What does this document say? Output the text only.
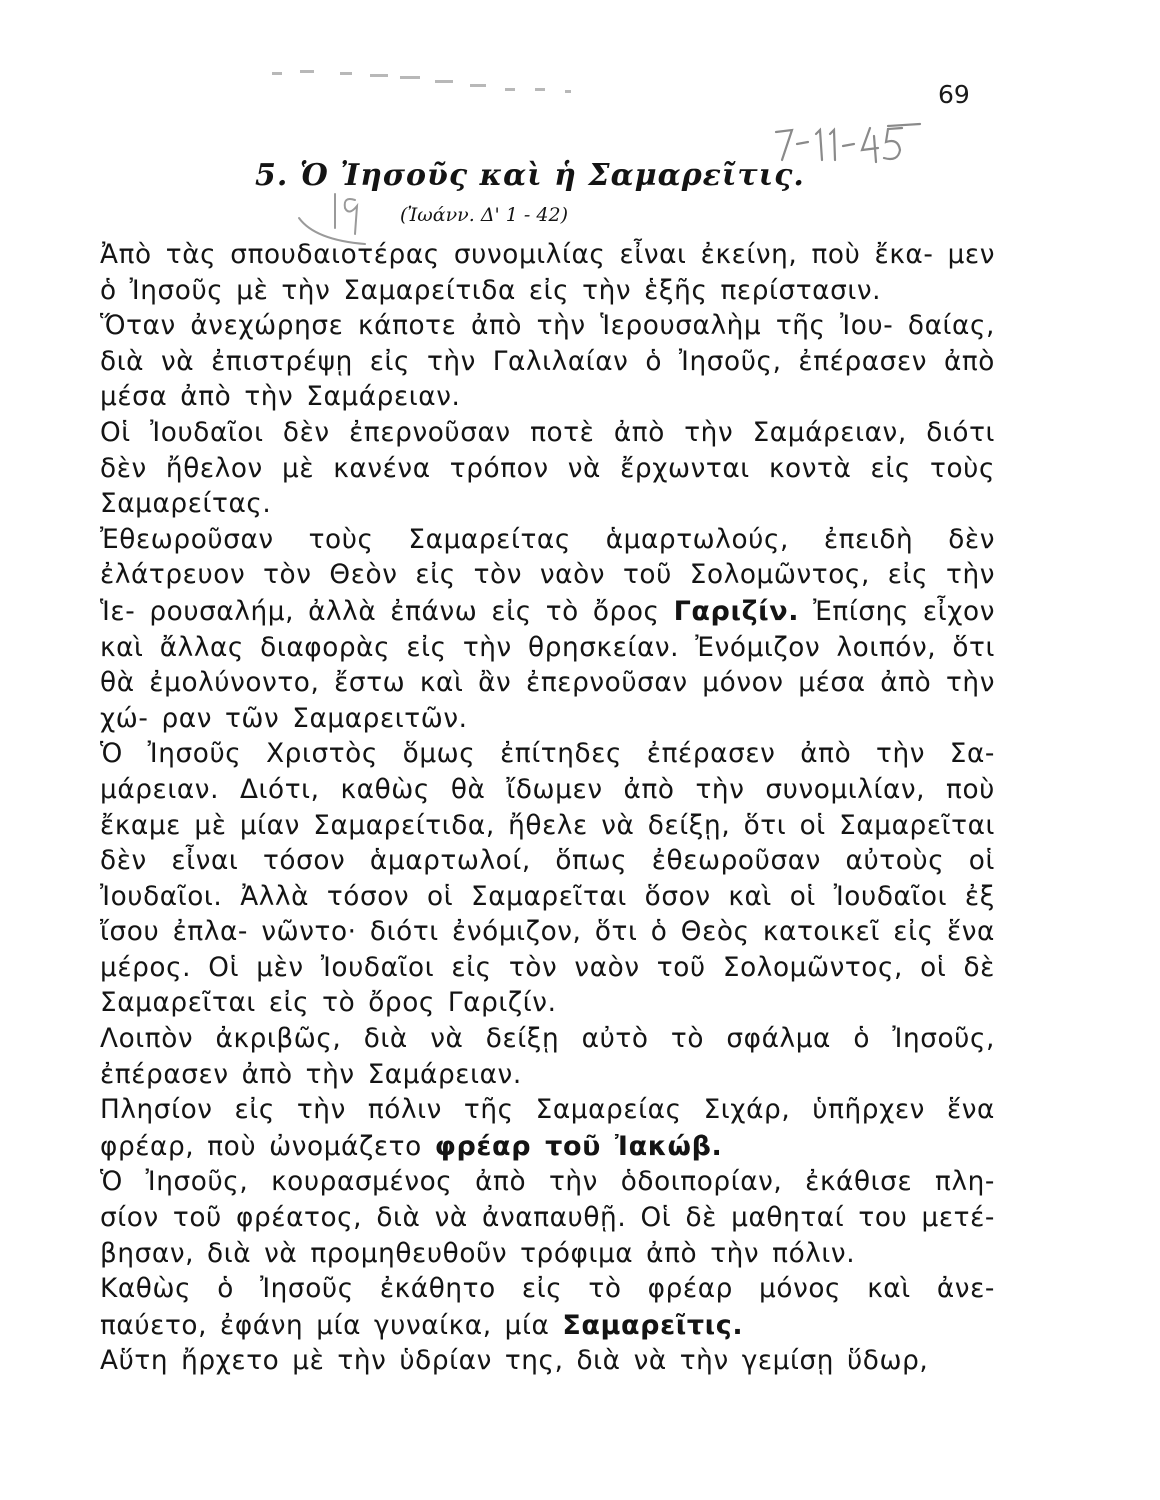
69
5. Ὁ Ἰησοῦς καὶ ἡ Σαμαρεῖτις.
(Ἰωάνν. Δ' 1 - 42)

Ἀπὸ τὰς σπουδαιοτέρας συνομιλίας εἶναι ἐκείνη, ποὺ ἔκα- μεν ὁ Ἰησοῦς μὲ τὴν Σαμαρείτιδα εἰς τὴν ἑξῆς περίστασιν.

Ὅταν ἀνεχώρησε κάποτε ἀπὸ τὴν Ἱερουσαλὴμ τῆς Ἰου- δαίας, διὰ νὰ ἐπιστρέψῃ εἰς τὴν Γαλιλαίαν ὁ Ἰησοῦς, ἐπέρασεν ἀπὸ μέσα ἀπὸ τὴν Σαμάρειαν.

Οἱ Ἰουδαῖοι δὲν ἐπερνοῦσαν ποτὲ ἀπὸ τὴν Σαμάρειαν, διότι δὲν ἤθελον μὲ κανένα τρόπον νὰ ἔρχωνται κοντὰ εἰς τοὺς Σαμαρείτας.

Ἐθεωροῦσαν τοὺς Σαμαρείτας ἁμαρτωλούς, ἐπειδὴ δὲν ἐλάτρευον τὸν Θεὸν εἰς τὸν ναὸν τοῦ Σολομῶντος, εἰς τὴν Ἱε- ρουσαλήμ, ἀλλὰ ἐπάνω εἰς τὸ ὄρος Γαριζίν. Ἐπίσης εἶχον καὶ ἄλλας διαφορὰς εἰς τὴν θρησκείαν. Ἐνόμιζον λοιπόν, ὅτι θὰ ἐμολύνοντο, ἔστω καὶ ἂν ἐπερνοῦσαν μόνον μέσα ἀπὸ τὴν χώ- ραν τῶν Σαμαρειτῶν.

Ὁ Ἰησοῦς Χριστὸς ὅμως ἐπίτηδες ἐπέρασεν ἀπὸ τὴν Σα- μάρειαν. Διότι, καθὼς θὰ ἴδωμεν ἀπὸ τὴν συνομιλίαν, ποὺ ἔκαμε μὲ μίαν Σαμαρείτιδα, ἤθελε νὰ δείξῃ, ὅτι οἱ Σαμαρεῖται δὲν εἶναι τόσον ἁμαρτωλοί, ὅπως ἐθεωροῦσαν αὐτοὺς οἱ Ἰουδαῖοι. Ἀλλὰ τόσον οἱ Σαμαρεῖται ὅσον καὶ οἱ Ἰουδαῖοι ἐξ ἴσου ἐπλα- νῶντο· διότι ἐνόμιζον, ὅτι ὁ Θεὸς κατοικεῖ εἰς ἕνα μέρος. Οἱ μὲν Ἰουδαῖοι εἰς τὸν ναὸν τοῦ Σολομῶντος, οἱ δὲ Σαμαρεῖται εἰς τὸ ὄρος Γαριζίν.

Λοιπὸν ἀκριβῶς, διὰ νὰ δείξῃ αὐτὸ τὸ σφάλμα ὁ Ἰησοῦς, ἐπέρασεν ἀπὸ τὴν Σαμάρειαν.

Πλησίον εἰς τὴν πόλιν τῆς Σαμαρείας Σιχάρ, ὑπῆρχεν ἕνα φρέαρ, ποὺ ὠνομάζετο φρέαρ τοῦ Ἰακώβ.

Ὁ Ἰησοῦς, κουρασμένος ἀπὸ τὴν ὁδοιπορίαν, ἐκάθισε πλη- σίον τοῦ φρέατος, διὰ νὰ ἀναπαυθῇ. Οἱ δὲ μαθηταί του μετέ- βησαν, διὰ νὰ προμηθευθοῦν τρόφιμα ἀπὸ τὴν πόλιν.

Καθὼς ὁ Ἰησοῦς ἐκάθητο εἰς τὸ φρέαρ μόνος καὶ ἀνε- παύετο, ἐφάνη μία γυναίκα, μία Σαμαρεῖτις.

Αὕτη ἤρχετο μὲ τὴν ὑδρίαν της, διὰ νὰ τὴν γεμίσῃ ὕδωρ,
